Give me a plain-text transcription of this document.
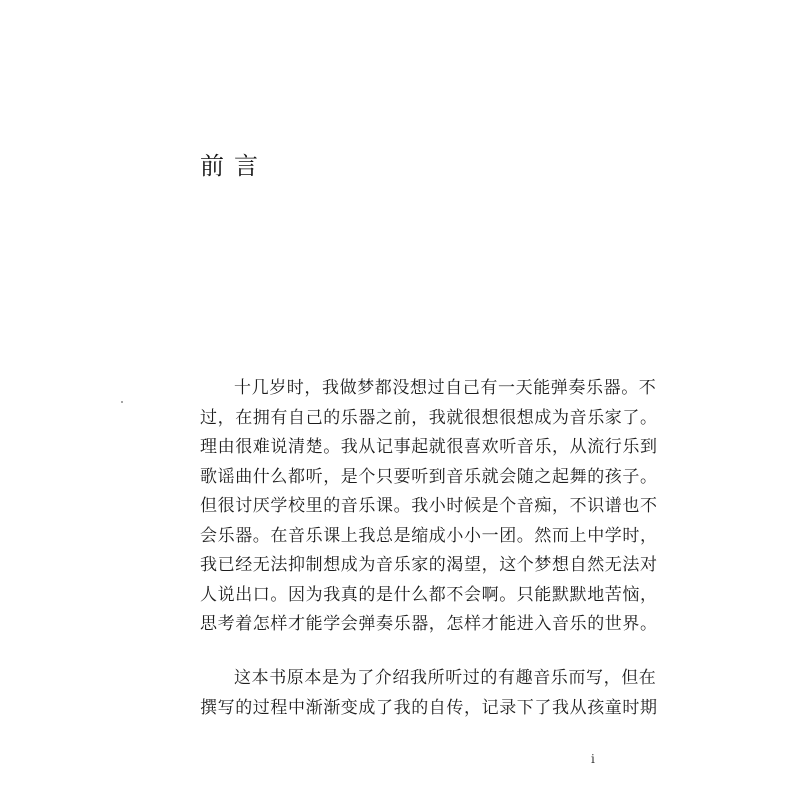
前言

十几岁时，我做梦都没想过自己有一天能弹奏乐器。不
过，在拥有自己的乐器之前，我就很想很想成为音乐家了。
理由很难说清楚。我从记事起就很喜欢听音乐，从流行乐到
歌谣曲什么都听，是个只要听到音乐就会随之起舞的孩子。
但很讨厌学校里的音乐课。我小时候是个音痴，不识谱也不
会乐器。在音乐课上我总是缩成小小一团。然而上中学时，
我已经无法抑制想成为音乐家的渴望，这个梦想自然无法对
人说出口。因为我真的是什么都不会啊。只能默默地苦恼，
思考着怎样才能学会弹奏乐器，怎样才能进入音乐的世界。

这本书原本是为了介绍我所听过的有趣音乐而写，但在
撰写的过程中渐渐变成了我的自传，记录下了我从孩童时期

i
